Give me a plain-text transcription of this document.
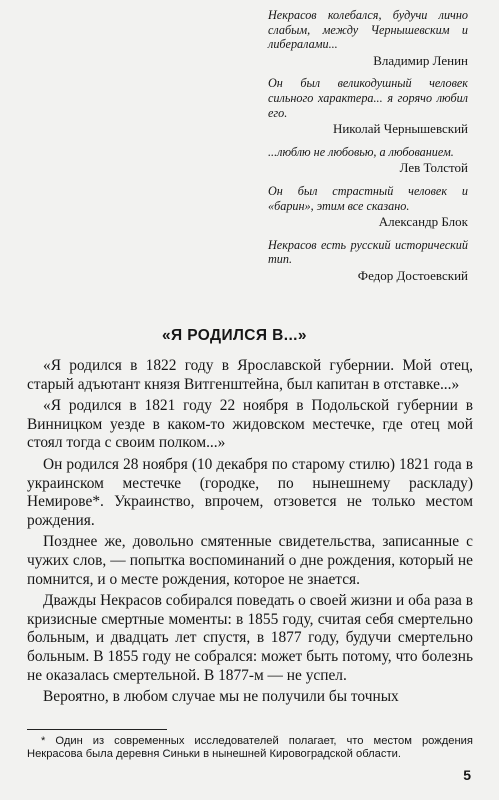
Некрасов колебался, будучи лично слабым, между Чернышевским и либералами...
Владимир Ленин
Он был великодушный человек сильного характера... я горячо любил его.
Николай Чернышевский
...люблю не любовью, а любованием.
Лев Толстой
Он был страстный человек и «барин», этим все сказано.
Александр Блок
Некрасов есть русский исторический тип.
Федор Достоевский
«Я РОДИЛСЯ В...»

«Я родился в 1822 году в Ярославской губернии. Мой отец, старый адъютант князя Витгенштейна, был капитан в отставке...»

«Я родился в 1821 году 22 ноября в Подольской губернии в Винницком уезде в каком-то жидовском местечке, где отец мой стоял тогда с своим полком...»

Он родился 28 ноября (10 декабря по старому стилю) 1821 года в украинском местечке (городке, по нынешнему раскладу) Немирове*. Украинство, впрочем, отзовется не только местом рождения.

Позднее же, довольно смятенные свидетельства, записанные с чужих слов, — попытка воспоминаний о дне рождения, который не помнится, и о месте рождения, которое не знается.

Дважды Некрасов собирался поведать о своей жизни и оба раза в кризисные смертные моменты: в 1855 году, считая себя смертельно больным, и двадцать лет спустя, в 1877 году, будучи смертельно больным. В 1855 году не собрался: может быть потому, что болезнь не оказалась смертельной. В 1877-м — не успел.

Вероятно, в любом случае мы не получили бы точных

* Один из современных исследователей полагает, что местом рождения Некрасова была деревня Синьки в нынешней Кировоградской области.
5
